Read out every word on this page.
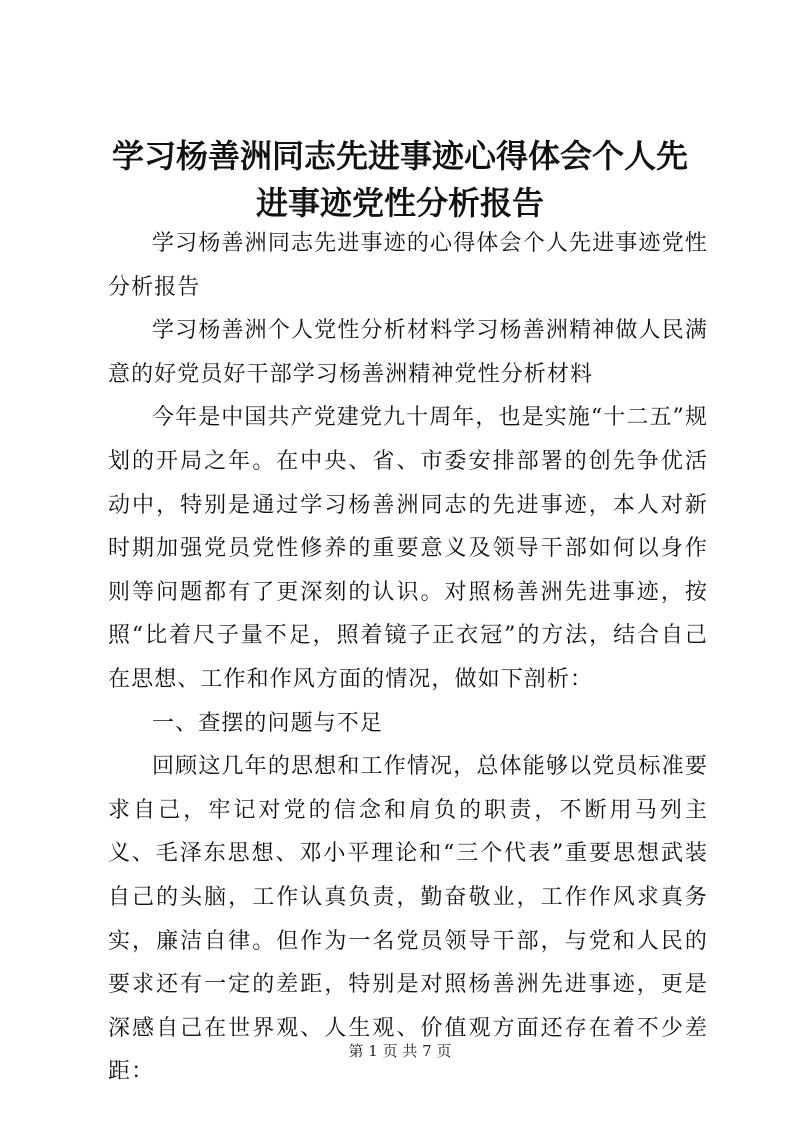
学习杨善洲同志先进事迹心得体会个人先进事迹党性分析报告

学习杨善洲同志先进事迹的心得体会个人先进事迹党性分析报告

学习杨善洲个人党性分析材料学习杨善洲精神做人民满意的好党员好干部学习杨善洲精神党性分析材料

今年是中国共产党建党九十周年，也是实施“十二五”规划的开局之年。在中央、省、市委安排部署的创先争优活动中，特别是通过学习杨善洲同志的先进事迹，本人对新时期加强党员党性修养的重要意义及领导干部如何以身作则等问题都有了更深刻的认识。对照杨善洲先进事迹，按照“比着尺子量不足，照着镜子正衣冠”的方法，结合自己在思想、工作和作风方面的情况，做如下剖析：

一、查摆的问题与不足

回顾这几年的思想和工作情况，总体能够以党员标准要求自己，牢记对党的信念和肩负的职责，不断用马列主义、毛泽东思想、邓小平理论和“三个代表”重要思想武装自己的头脑，工作认真负责，勤奋敬业，工作作风求真务实，廉洁自律。但作为一名党员领导干部，与党和人民的要求还有一定的差距，特别是对照杨善洲先进事迹，更是深感自己在世界观、人生观、价值观方面还存在着不少差距：

第 1 页 共 7 页
